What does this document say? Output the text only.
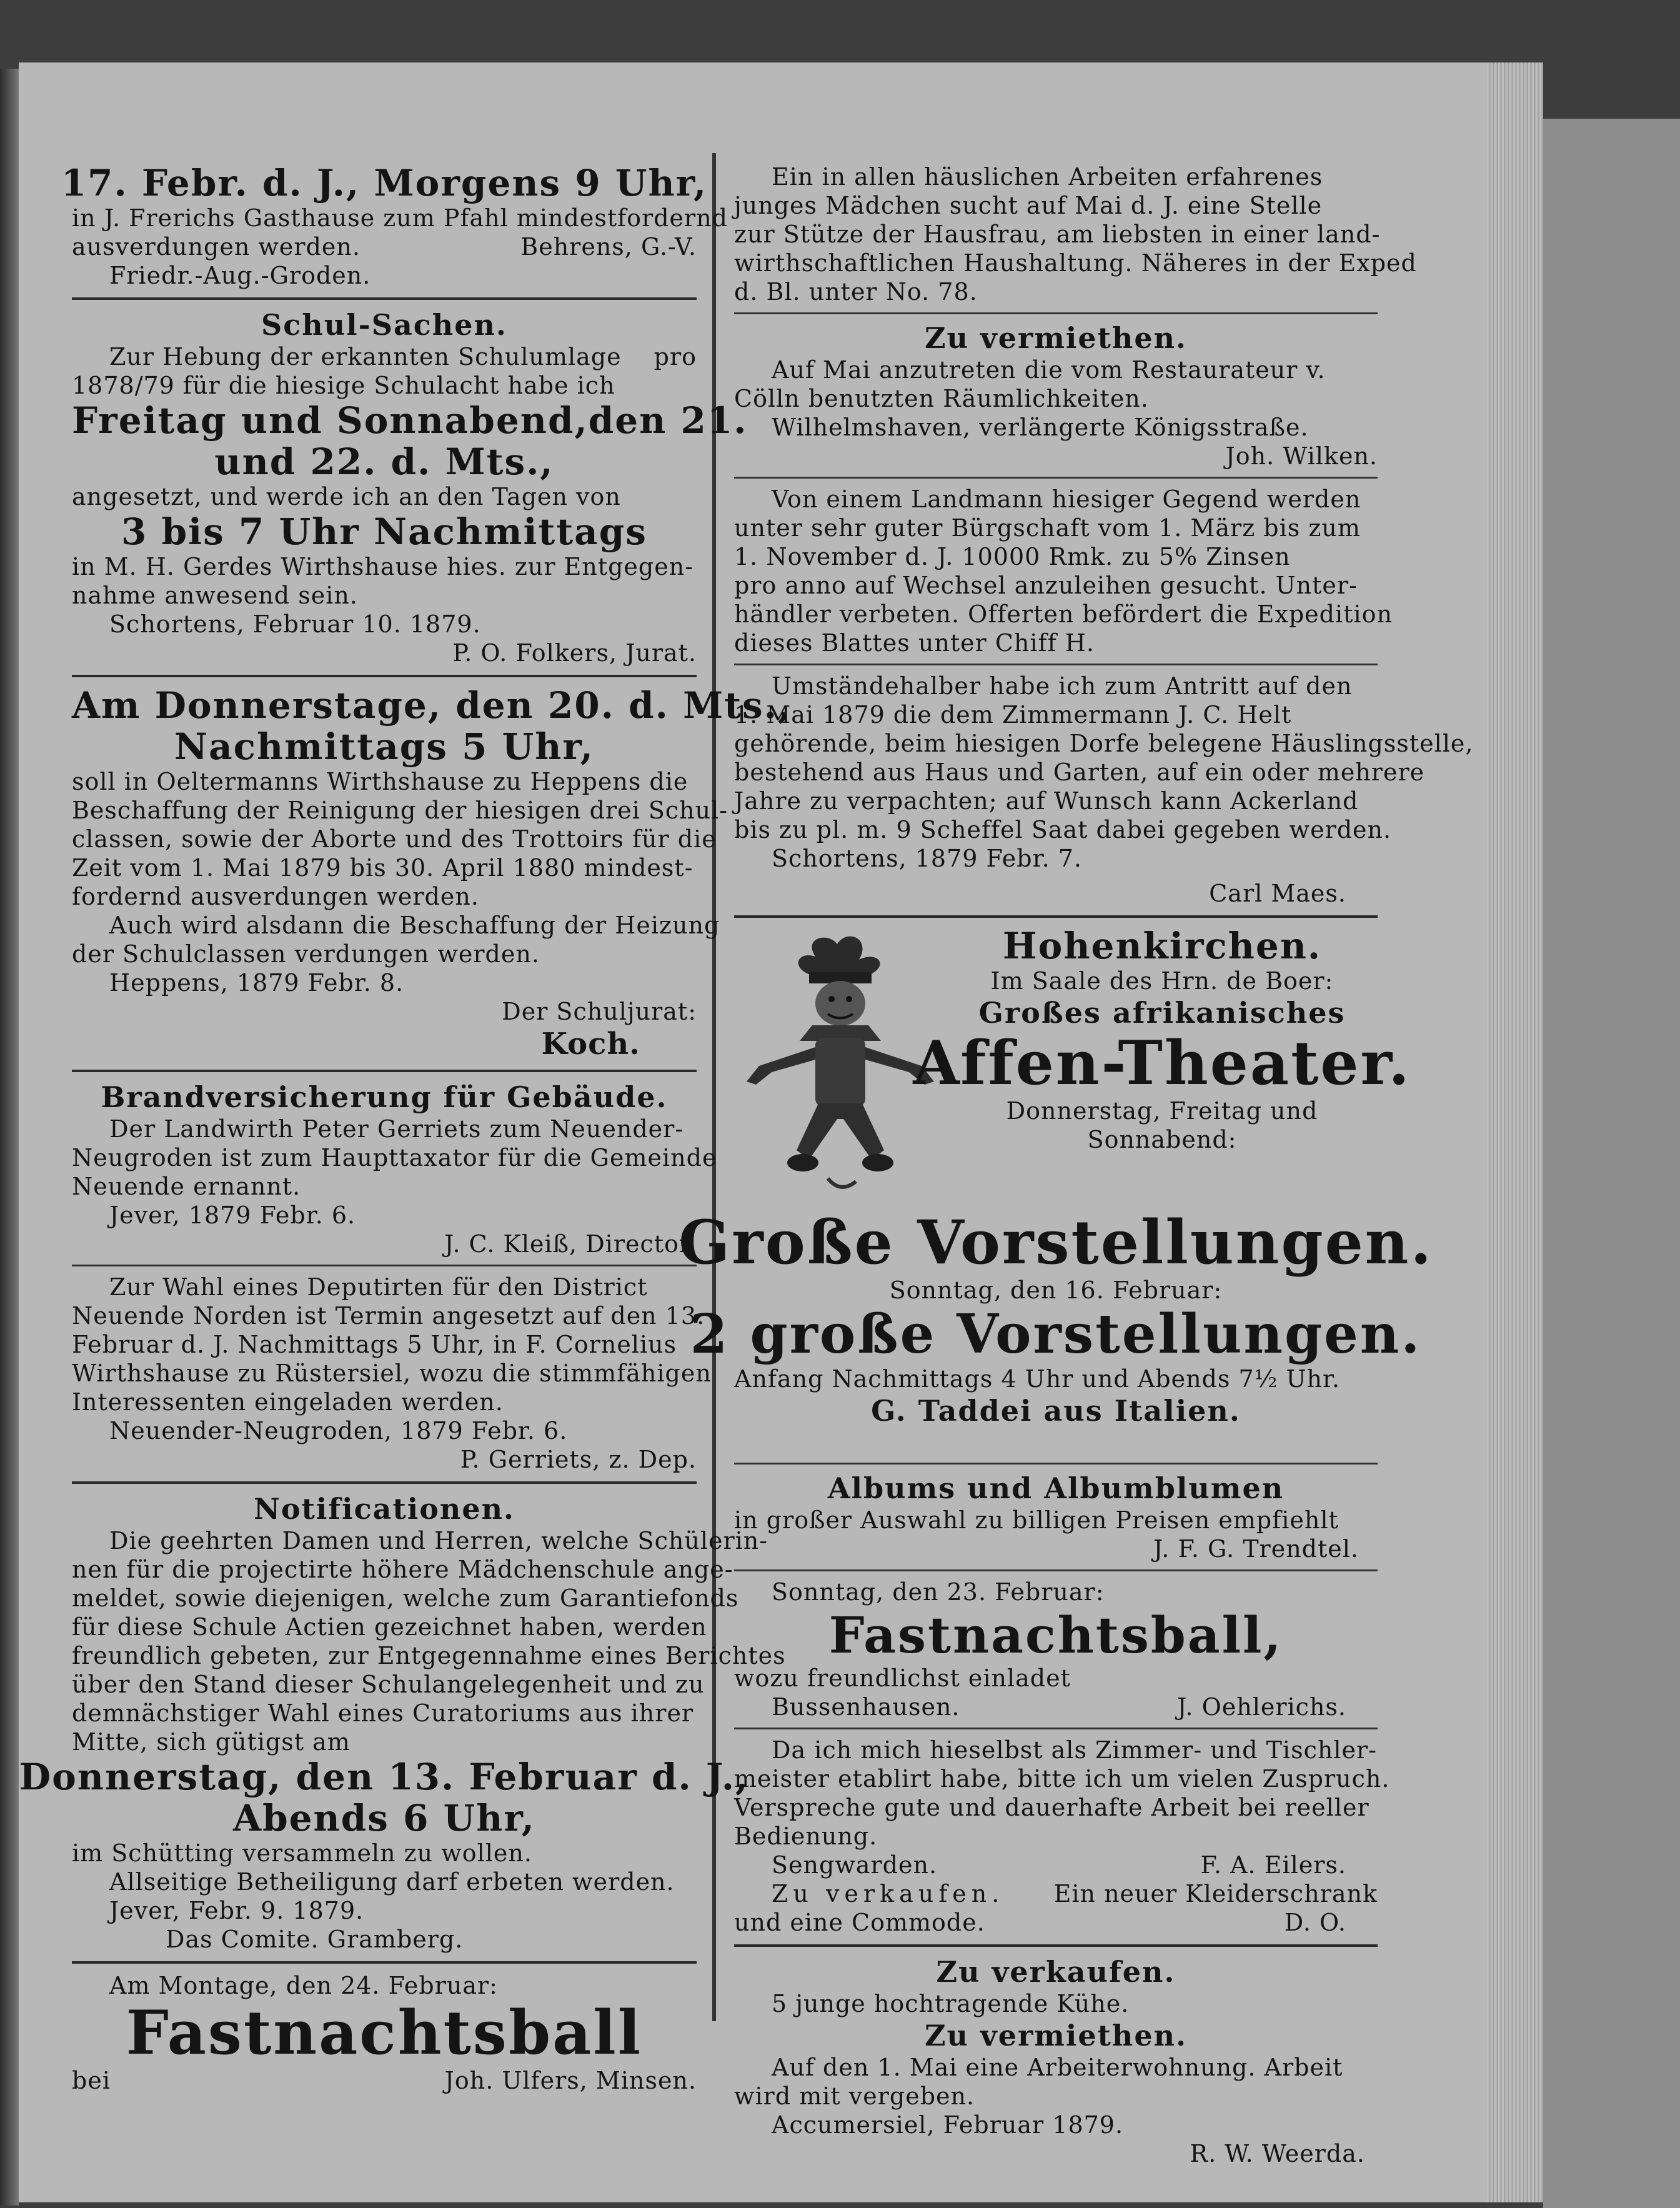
17. Febr. d. J., Morgens 9 Uhr,
in J. Frerichs Gasthause zum Pfahl mindestfordernd
ausverdungen werden.	Behrens, G.-V.
Friedr.-Aug.-Groden.
Schul-Sachen.
Zur Hebung der erkannten Schulumlage pro
1878/79 für die hiesige Schulacht habe ich
Freitag und Sonnabend, den 21.
und 22. d. Mts.,
angesetzt, und werde ich an den Tagen von
3 bis 7 Uhr Nachmittags
in M. H. Gerdes Wirthshause hies. zur Entgegen-
nahme anwesend sein.
Schortens, Februar 10. 1879.
P. O. Folkers, Jurat.
Am Donnerstage, den 20. d. Mts.,
Nachmittags 5 Uhr,
soll in Oeltermanns Wirthshause zu Heppens die
Beschaffung der Reinigung der hiesigen drei Schul-
classen, sowie der Aborte und des Trottoirs für die
Zeit vom 1. Mai 1879 bis 30. April 1880 mindest-
fordernd ausverdungen werden.
Auch wird alsdann die Beschaffung der Heizung
der Schulclassen verdungen werden.
Heppens, 1879 Febr. 8.
Der Schuljurat:
Koch.
Brandversicherung für Gebäude.
Der Landwirth Peter Gerriets zum Neuender-
Neugroden ist zum Haupttaxator für die Gemeinde
Neuende ernannt.
Jever, 1879 Febr. 6.
J. C. Kleiß, Director.
Zur Wahl eines Deputirten für den District
Neuende Norden ist Termin angesetzt auf den 13.
Februar d. J. Nachmittags 5 Uhr, in F. Cornelius
Wirthshause zu Rüstersiel, wozu die stimmfähigen
Interessenten eingeladen werden.
Neuender-Neugroden, 1879 Febr. 6.
P. Gerriets, z. Dep.
Notificationen.
Die geehrten Damen und Herren, welche Schülerin-
nen für die projectirte höhere Mädchenschule ange-
meldet, sowie diejenigen, welche zum Garantiefonds
für diese Schule Actien gezeichnet haben, werden
freundlich gebeten, zur Entgegennahme eines Berichtes
über den Stand dieser Schulangelegenheit und zu
demnächstiger Wahl eines Curatoriums aus ihrer
Mitte, sich gütigst am
Donnerstag, den 13. Februar d. J.,
Abends 6 Uhr,
im Schütting versammeln zu wollen.
Allseitige Betheiligung darf erbeten werden.
Jever, Febr. 9. 1879.
Das Comite. Gramberg.
Am Montage, den 24. Februar:
Fastnachtsball
bei	Joh. Ulfers, Minsen.
Ein in allen häuslichen Arbeiten erfahrenes
junges Mädchen sucht auf Mai d. J. eine Stelle
zur Stütze der Hausfrau, am liebsten in einer land-
wirthschaftlichen Haushaltung. Näheres in der Exped
d. Bl. unter No. 78.
Zu vermiethen.
Auf Mai anzutreten die vom Restaurateur v.
Cölln benutzten Räumlichkeiten.
Wilhelmshaven, verlängerte Königsstraße.
Joh. Wilken.
Von einem Landmann hiesiger Gegend werden
unter sehr guter Bürgschaft vom 1. März bis zum
1. November d. J. 10000 Rmk. zu 5% Zinsen
pro anno auf Wechsel anzuleihen gesucht. Unter-
händler verbeten. Offerten befördert die Expedition
dieses Blattes unter Chiff H.
Umständehalber habe ich zum Antritt auf den
1. Mai 1879 die dem Zimmermann J. C. Helt
gehörende, beim hiesigen Dorfe belegene Häuslingsstelle,
bestehend aus Haus und Garten, auf ein oder mehrere
Jahre zu verpachten; auf Wunsch kann Ackerland
bis zu pl. m. 9 Scheffel Saat dabei gegeben werden.
Schortens, 1879 Febr. 7.
Carl Maes.
Hohenkirchen.
Im Saale des Hrn. de Boer:
Großes afrikanisches
Affen-Theater.
Donnerstag, Freitag und
Sonnabend:
Große Vorstellungen.
Sonntag, den 16. Februar:
2 große Vorstellungen.
Anfang Nachmittags 4 Uhr und Abends 7½ Uhr.
G. Taddei aus Italien.
Albums und Albumblumen
in großer Auswahl zu billigen Preisen empfiehlt
J. F. G. Trendtel.
Sonntag, den 23. Februar:
Fastnachtsball,
wozu freundlichst einladet
Bussenhausen.	J. Oehlerichs.
Da ich mich hieselbst als Zimmer- und Tischler-
meister etablirt habe, bitte ich um vielen Zuspruch.
Verspreche gute und dauerhafte Arbeit bei reeller
Bedienung.
Sengwarden.	F. A. Eilers.
Zu verkaufen. Ein neuer Kleiderschrank
und eine Commode.	D. O.
Zu verkaufen.
5 junge hochtragende Kühe.
Zu vermiethen.
Auf den 1. Mai eine Arbeiterwohnung. Arbeit
wird mit vergeben.
Accumersiel, Februar 1879.
R. W. Weerda.
